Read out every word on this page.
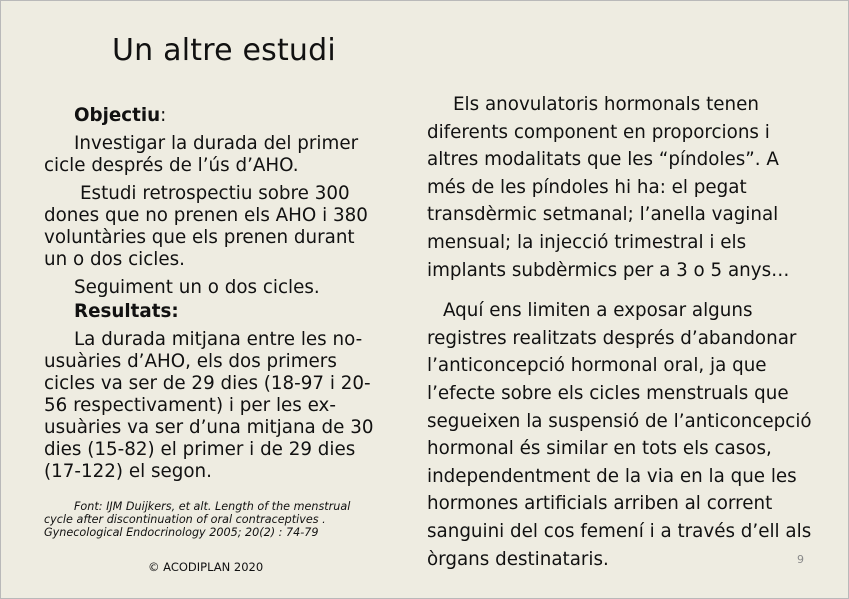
Un altre estudi

Objectiu:

Investigar la durada del primer cicle després de l’ús d’AHO.

Estudi retrospectiu sobre 300 dones que no prenen els AHO i 380 voluntàries que els prenen durant un o dos cicles.

Seguiment un o dos cicles.

Resultats:

La durada mitjana entre les no-usuàries d’AHO, els dos primers cicles va ser de 29 dies (18-97 i 20-56 respectivament) i per les ex-usuàries va ser d’una mitjana de 30 dies (15-82) el primer i de 29 dies (17-122) el segon.

Font: IJM Duijkers, et alt. Length of the menstrual cycle after discontinuation of oral contraceptives . Gynecological Endocrinology 2005; 20(2) : 74-79
© ACODIPLAN 2020

Els anovulatoris hormonals tenen diferents component en proporcions i altres modalitats que les “píndoles”. A més de les píndoles hi ha: el pegat transdèrmic setmanal; l’anella vaginal mensual; la injecció trimestral i els implants subdèrmics per a 3 o 5 anys…

Aquí ens limiten a exposar alguns registres realitzats després d’abandonar l’anticoncepció hormonal oral, ja que l’efecte sobre els cicles menstruals que segueixen la suspensió de l’anticoncepció hormonal és similar en tots els casos, independentment de la via en la que les hormones artificials arriben al corrent sanguini del cos femení i a través d’ell als òrgans destinataris.	9
